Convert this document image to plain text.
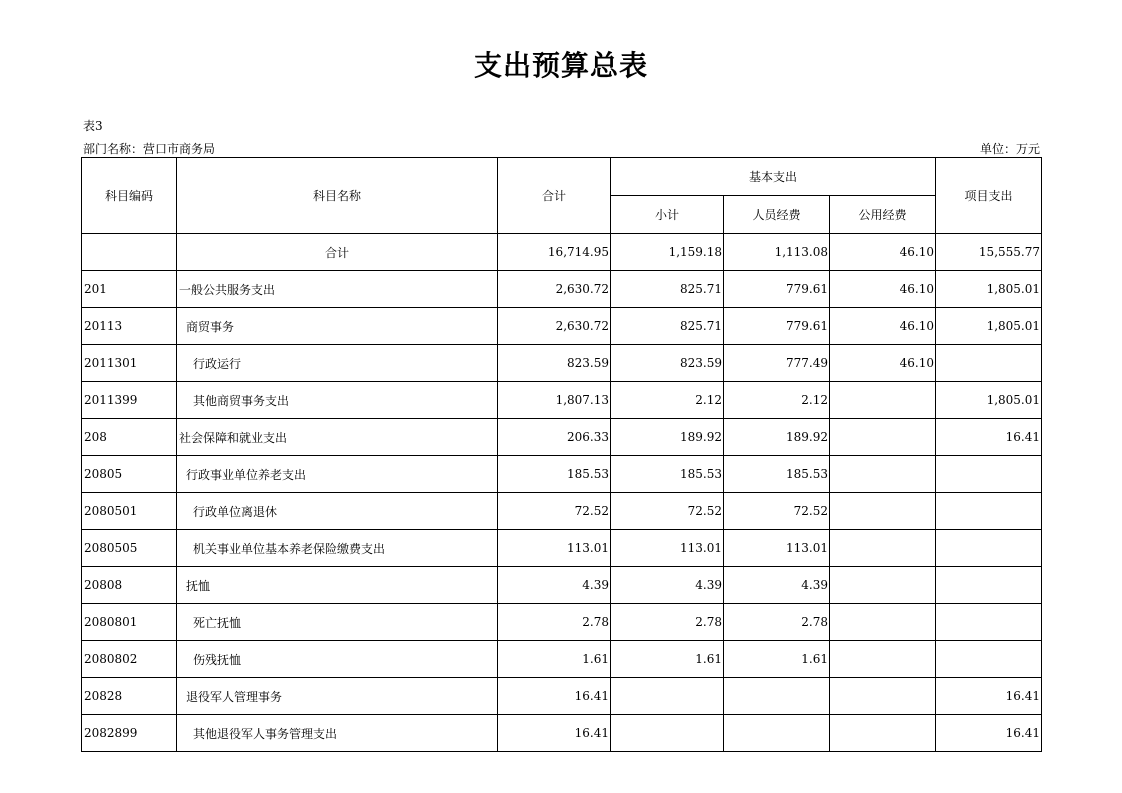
支出预算总表
表3
部门名称：营口市商务局	单位：万元
科目编码	科目名称	合计	基本支出			项目支出
			小计	人员经费	公用经费	
	合计	16,714.95	1,159.18	1,113.08	46.10	15,555.77
201	一般公共服务支出	2,630.72	825.71	779.61	46.10	1,805.01
20113	商贸事务	2,630.72	825.71	779.61	46.10	1,805.01
2011301	行政运行	823.59	823.59	777.49	46.10	
2011399	其他商贸事务支出	1,807.13	2.12	2.12		1,805.01
208	社会保障和就业支出	206.33	189.92	189.92		16.41
20805	行政事业单位养老支出	185.53	185.53	185.53		
2080501	行政单位离退休	72.52	72.52	72.52		
2080505	机关事业单位基本养老保险缴费支出	113.01	113.01	113.01		
20808	抚恤	4.39	4.39	4.39		
2080801	死亡抚恤	2.78	2.78	2.78		
2080802	伤残抚恤	1.61	1.61	1.61		
20828	退役军人管理事务	16.41				16.41
2082899	其他退役军人事务管理支出	16.41				16.41
